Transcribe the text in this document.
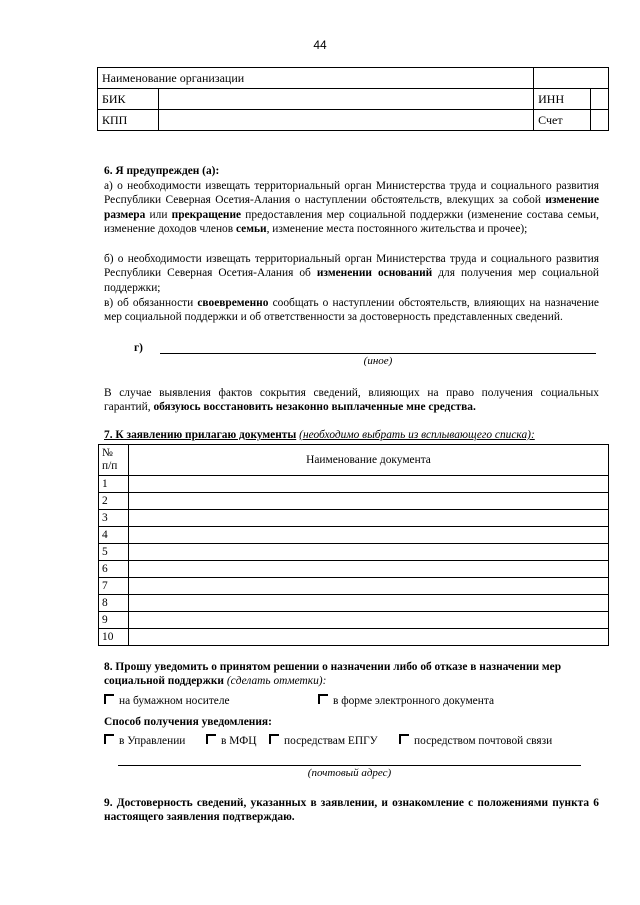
44
Наименование организации			
БИК		ИНН	
КПП		Счет	
6. Я предупрежден (а):
а) о необходимости извещать территориальный орган Министерства труда и социального развития Республики Северная Осетия-Алания о наступлении обстоятельств, влекущих за собой изменение размера или прекращение предоставления мер социальной поддержки (изменение состава семьи, изменение доходов членов семьи, изменение места постоянного жительства и прочее);
б) о необходимости извещать территориальный орган Министерства труда и социального развития Республики Северная Осетия-Алания об изменении оснований для получения мер социальной поддержки;
в) об обязанности своевременно сообщать о наступлении обстоятельств, влияющих на назначение мер социальной поддержки и об ответственности за достоверность представленных сведений.
г)
(иное)
В случае выявления фактов сокрытия сведений, влияющих на право получения социальных гарантий, обязуюсь восстановить незаконно выплаченные мне средства.
7. К заявлению прилагаю документы (необходимо выбрать из всплывающего списка):
№
п/п	Наименование документа
1	
2	
3	
4	
5	
6	
7	
8	
9	
10	
8. Прошу уведомить о принятом решении о назначении либо об отказе в назначении мер социальной поддержки (сделать отметки):
на бумажном носителе	в форме электронного документа
Способ получения уведомления:
в Управлении	в МФЦ	посредствам ЕПГУ	посредством почтовой связи
(почтовый адрес)
9. Достоверность сведений, указанных в заявлении, и ознакомление с положениями пункта 6 настоящего заявления подтверждаю.
